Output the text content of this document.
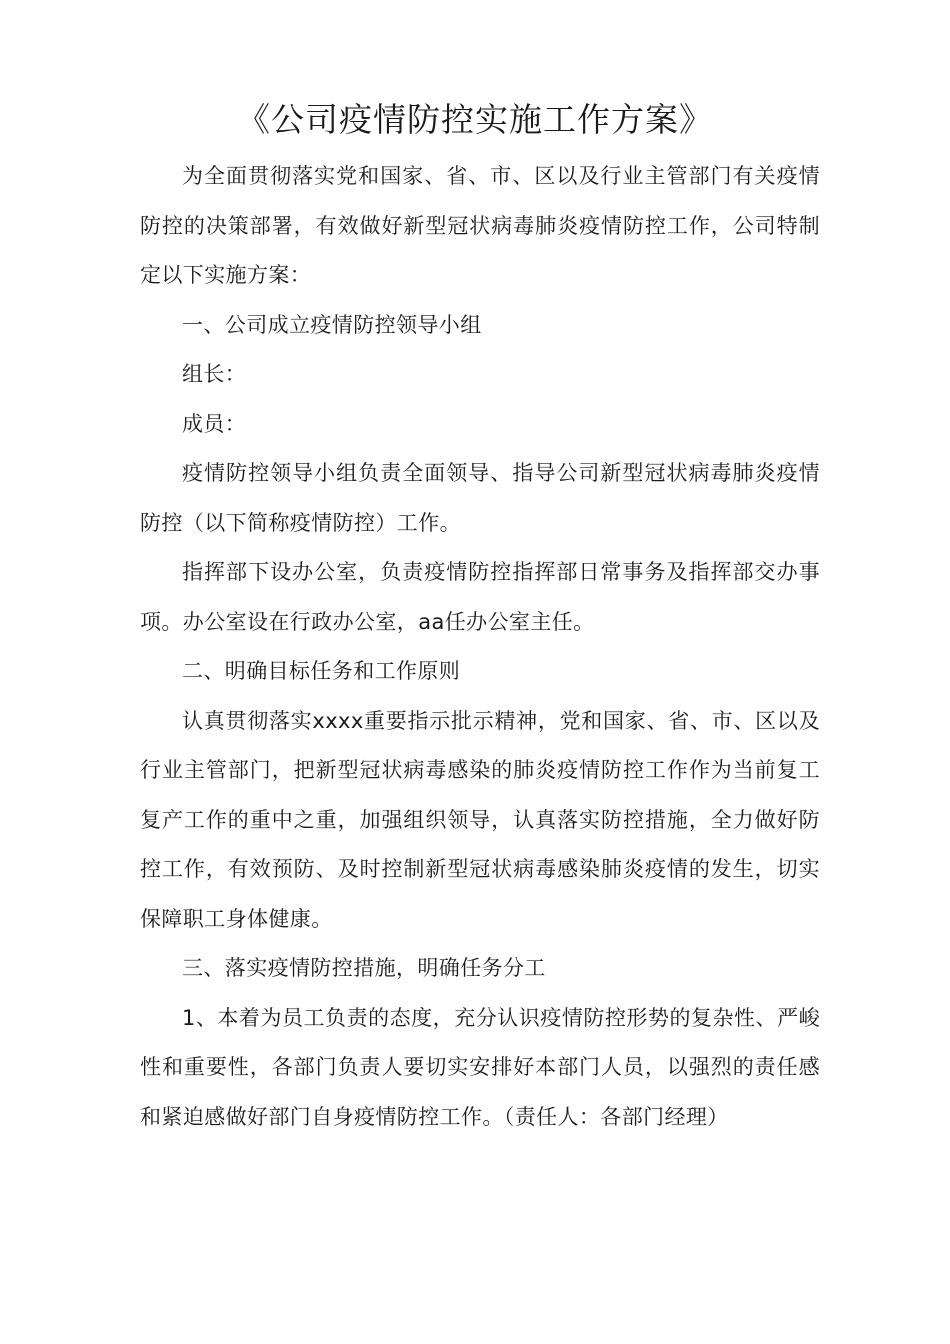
《公司疫情防控实施工作方案》

为全面贯彻落实党和国家、省、市、区以及行业主管部门有关疫情防控的决策部署，有效做好新型冠状病毒肺炎疫情防控工作，公司特制定以下实施方案：

一、公司成立疫情防控领导小组

组长：

成员：

疫情防控领导小组负责全面领导、指导公司新型冠状病毒肺炎疫情防控（以下简称疫情防控）工作。

指挥部下设办公室，负责疫情防控指挥部日常事务及指挥部交办事项。办公室设在行政办公室，aa任办公室主任。

二、明确目标任务和工作原则

认真贯彻落实xxxx重要指示批示精神，党和国家、省、市、区以及行业主管部门，把新型冠状病毒感染的肺炎疫情防控工作作为当前复工复产工作的重中之重，加强组织领导，认真落实防控措施，全力做好防控工作，有效预防、及时控制新型冠状病毒感染肺炎疫情的发生，切实保障职工身体健康。

三、落实疫情防控措施，明确任务分工

1、本着为员工负责的态度，充分认识疫情防控形势的复杂性、严峻性和重要性，各部门负责人要切实安排好本部门人员，以强烈的责任感和紧迫感做好部门自身疫情防控工作。（责任人：各部门经理）
